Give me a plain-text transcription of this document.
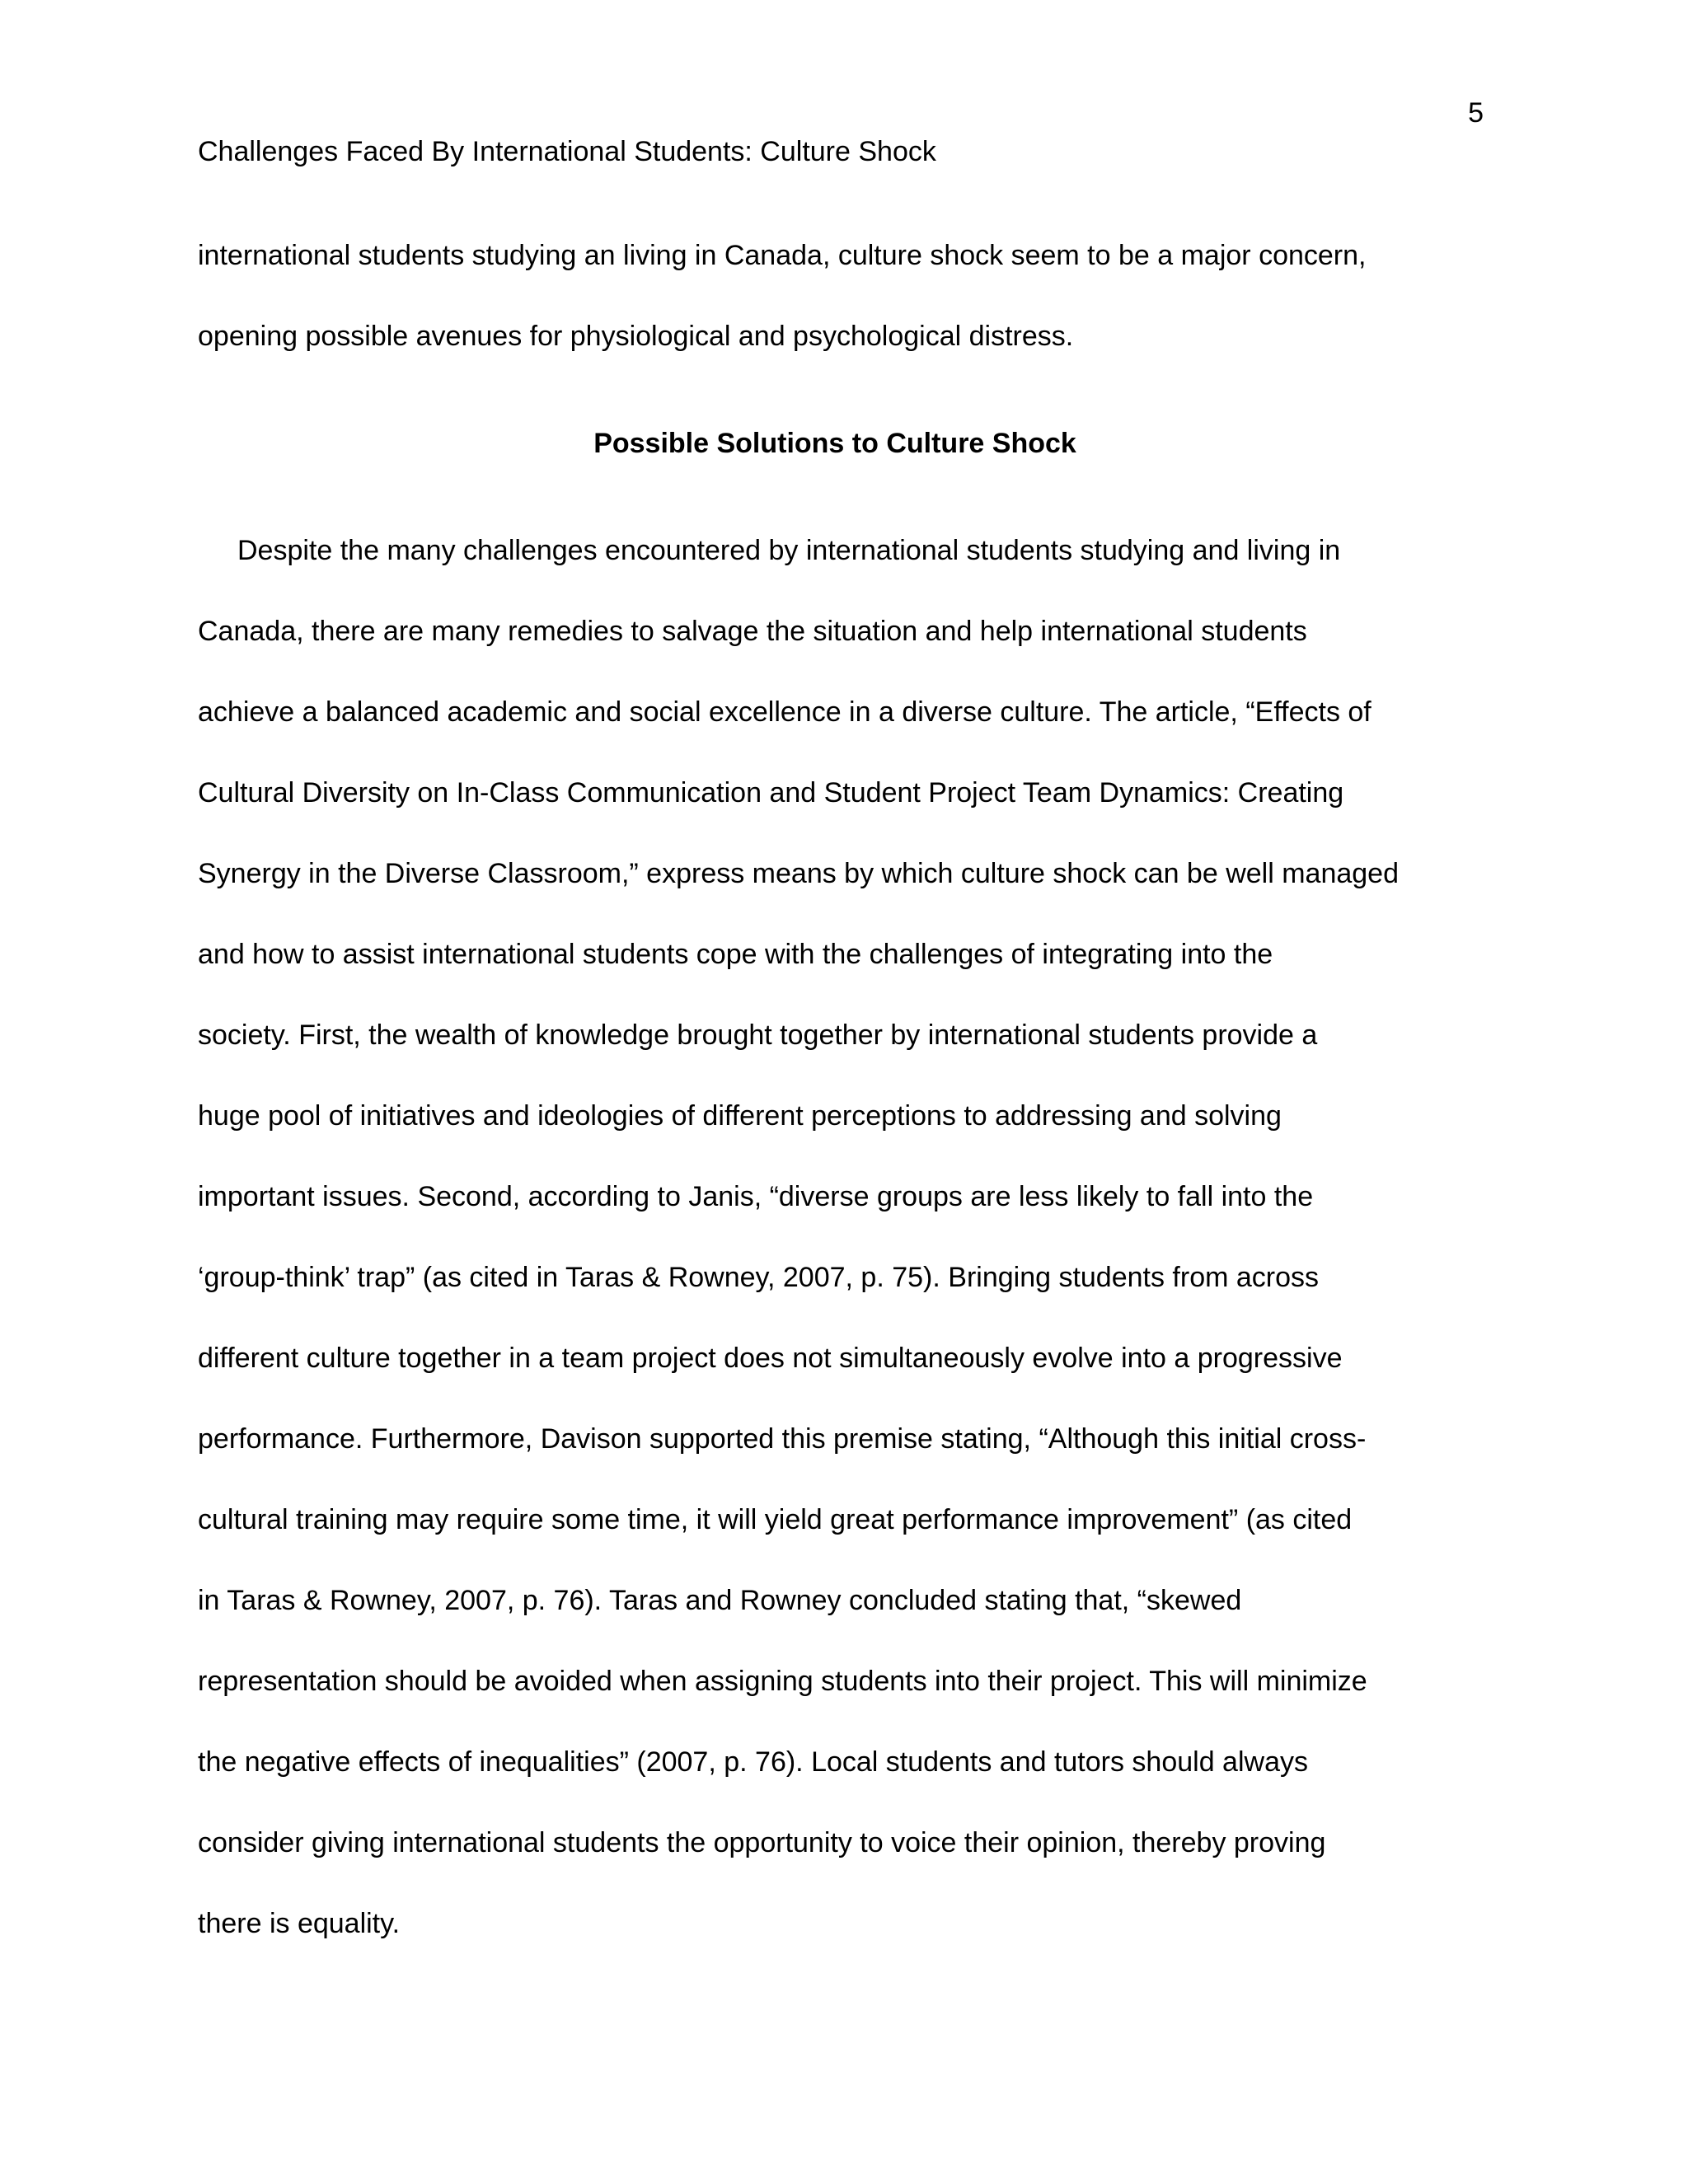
5
Challenges Faced By International Students: Culture Shock
international students studying an living in Canada, culture shock seem to be a major concern,
opening possible avenues for physiological and psychological distress.
Possible Solutions to Culture Shock
Despite the many challenges encountered by international students studying and living in
Canada, there are many remedies to salvage the situation and help international students
achieve a balanced academic and social excellence in a diverse culture. The article, “Effects of
Cultural Diversity on In-Class Communication and Student Project Team Dynamics: Creating
Synergy in the Diverse Classroom,” express means by which culture shock can be well managed
and how to assist international students cope with the challenges of integrating into the
society. First, the wealth of knowledge brought together by international students provide a
huge pool of initiatives and ideologies of different perceptions to addressing and solving
important issues. Second, according to Janis, “diverse groups are less likely to fall into the
‘group-think’ trap” (as cited in Taras & Rowney, 2007, p. 75). Bringing students from across
different culture together in a team project does not simultaneously evolve into a progressive
performance. Furthermore, Davison supported this premise stating, “Although this initial cross-
cultural training may require some time, it will yield great performance improvement” (as cited
in Taras & Rowney, 2007, p. 76). Taras and Rowney concluded stating that, “skewed
representation should be avoided when assigning students into their project. This will minimize
the negative effects of inequalities” (2007, p. 76). Local students and tutors should always
consider giving international students the opportunity to voice their opinion, thereby proving
there is equality.
